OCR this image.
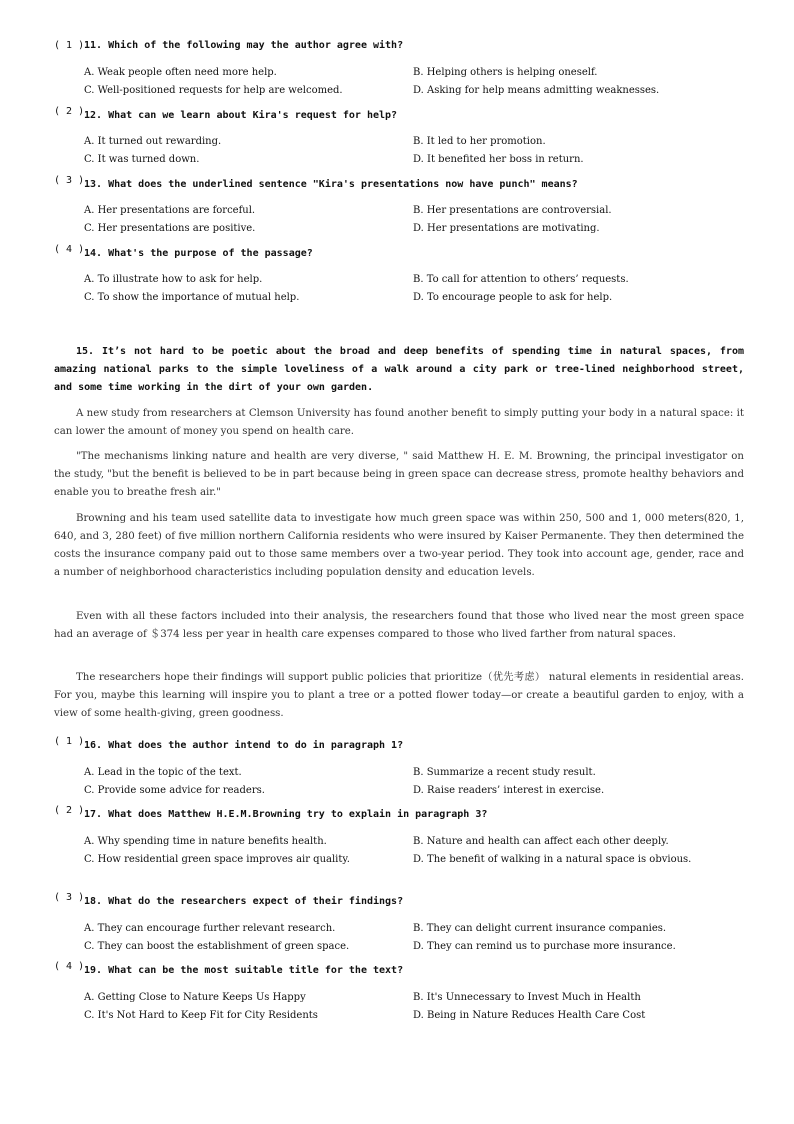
( 1 ) 11. Which of the following may the author agree with?
A. Weak people often need more help.	B. Helping others is helping oneself.
C. Well-positioned requests for help are welcomed.	D. Asking for help means admitting weaknesses.
( 2 ) 12. What can we learn about Kira's request for help?
A. It turned out rewarding.	B. It led to her promotion.
C. It was turned down.	D. It benefited her boss in return.
( 3 ) 13. What does the underlined sentence "Kira's presentations now have punch" means?
A. Her presentations are forceful.	B. Her presentations are controversial.
C. Her presentations are positive.	D. Her presentations are motivating.
( 4 ) 14. What's the purpose of the passage?
A. To illustrate how to ask for help.	B. To call for attention to others’ requests.
C. To show the importance of mutual help.	D. To encourage people to ask for help.
15. It’s not hard to be poetic about the broad and deep benefits of spending time in natural spaces, from amazing national parks to the simple loveliness of a walk around a city park or tree-lined neighborhood street, and some time working in the dirt of your own garden.
A new study from researchers at Clemson University has found another benefit to simply putting your body in a natural space: it can lower the amount of money you spend on health care.
"The mechanisms linking nature and health are very diverse, " said Matthew H. E. M. Browning, the principal investigator on the study, "but the benefit is believed to be in part because being in green space can decrease stress, promote healthy behaviors and enable you to breathe fresh air."
Browning and his team used satellite data to investigate how much green space was within 250, 500 and 1, 000 meters(820, 1, 640, and 3, 280 feet) of five million northern California residents who were insured by Kaiser Permanente. They then determined the costs the insurance company paid out to those same members over a two-year period. They took into account age, gender, race and a number of neighborhood characteristics including population density and education levels.
Even with all these factors included into their analysis, the researchers found that those who lived near the most green space had an average of ＄374 less per year in health care expenses compared to those who lived farther from natural spaces.
The researchers hope their findings will support public policies that prioritize（优先考虑） natural elements in residential areas. For you, maybe this learning will inspire you to plant a tree or a potted flower today—or create a beautiful garden to enjoy, with a view of some health-giving, green goodness.
( 1 ) 16. What does the author intend to do in paragraph 1?
A. Lead in the topic of the text.	B. Summarize a recent study result.
C. Provide some advice for readers.	D. Raise readers’ interest in exercise.
( 2 ) 17. What does Matthew H.E.M.Browning try to explain in paragraph 3?
A. Why spending time in nature benefits health.	B. Nature and health can affect each other deeply.
C. How residential green space improves air quality.	D. The benefit of walking in a natural space is obvious.
( 3 ) 18. What do the researchers expect of their findings?
A. They can encourage further relevant research.	B. They can delight current insurance companies.
C. They can boost the establishment of green space.	D. They can remind us to purchase more insurance.
( 4 ) 19. What can be the most suitable title for the text?
A. Getting Close to Nature Keeps Us Happy	B. It's Unnecessary to Invest Much in Health
C. It's Not Hard to Keep Fit for City Residents	D. Being in Nature Reduces Health Care Cost
